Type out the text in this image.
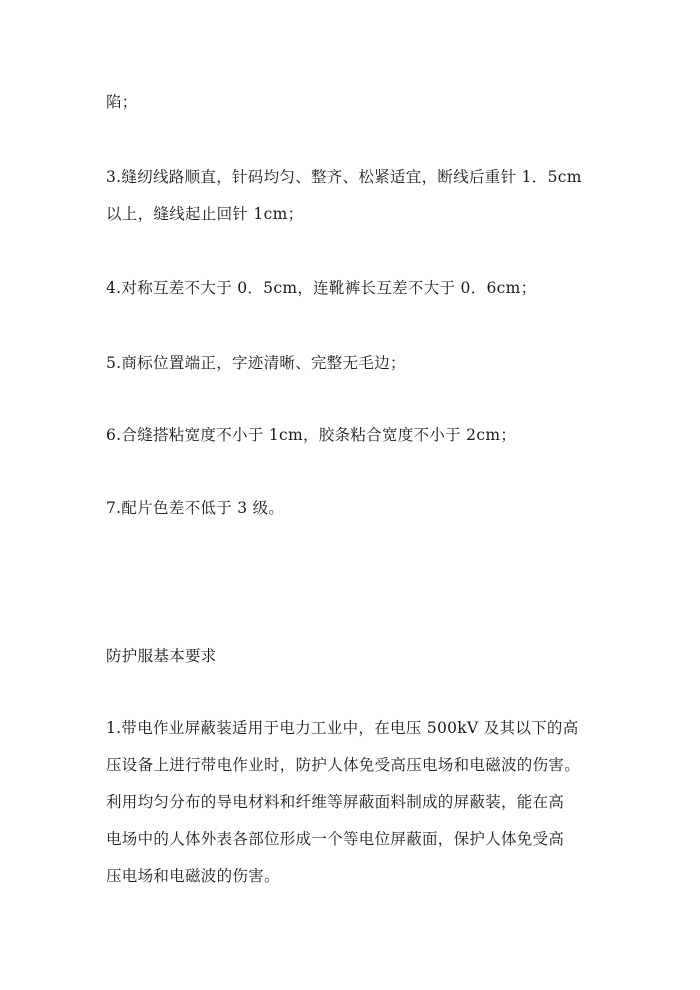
陷；
3.缝纫线路顺直，针码均匀、整齐、松紧适宜，断线后重针 1．5cm
以上，缝线起止回针 1cm；
4.对称互差不大于 0．5cm，连靴裤长互差不大于 0．6cm；
5.商标位置端正，字迹清晰、完整无毛边；
6.合缝搭粘宽度不小于 1cm，胶条粘合宽度不小于 2cm；
7.配片色差不低于 3 级。
防护服基本要求
1.带电作业屏蔽装适用于电力工业中，在电压 500kV 及其以下的高
压设备上进行带电作业时，防护人体免受高压电场和电磁波的伤害。
利用均匀分布的导电材料和纤维等屏蔽面料制成的屏蔽装，能在高
电场中的人体外表各部位形成一个等电位屏蔽面，保护人体免受高
压电场和电磁波的伤害。
